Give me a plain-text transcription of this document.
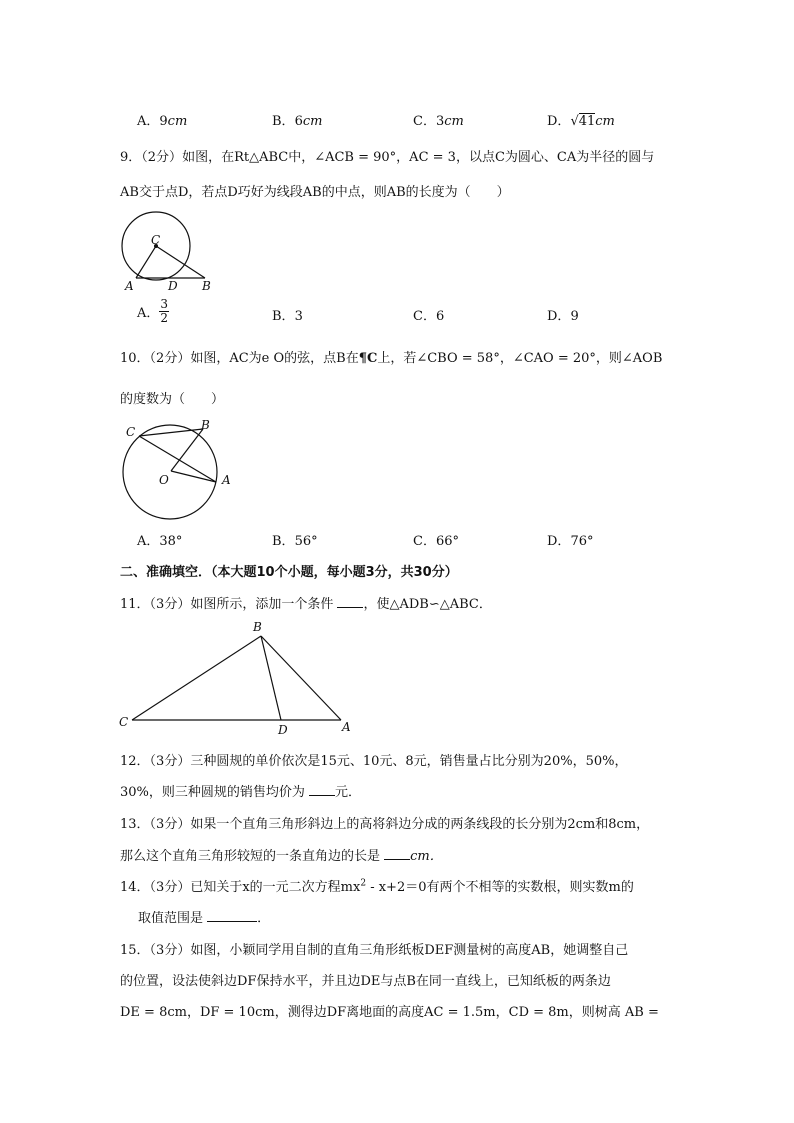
A．9cm	B．6cm	C．3cm	D．√41cm
9．（2分）如图，在Rt△ABC中，∠ACB = 90°，AC = 3，以点C为圆心、CA为半径的圆与
AB交于点D，若点D巧好为线段AB的中点，则AB的长度为（　　）
C
A	D B
A． $\frac{3}{2}$	B．3	C．6	D．9
10．（2分）如图，AC为e O的弦，点B在¶C上，若∠CBO = 58°，∠CAO = 20°，则∠AOB
的度数为（　　）
C	B
O	A
A．38°	B．56°	C．66°	D．76°
二、准确填空．（本大题10个小题，每小题3分，共30分）
11．（3分）如图所示，添加一个条件 ，使△ADB∽△ABC．
B
C
D	A
12．（3分）三种圆规的单价依次是15元、10元、8元，销售量占比分别为20%，50%，
30%，则三种圆规的销售均价为 元．
13．（3分）如果一个直角三角形斜边上的高将斜边分成的两条线段的长分别为2cm和8cm，
那么这个直角三角形较短的一条直角边的长是 cm．
14．（3分）已知关于x的一元二次方程$mx^2 - x+2=0$有两个不相等的实数根，则实数m的
取值范围是	．
15．（3分）如图，小颖同学用自制的直角三角形纸板DEF测量树的高度AB，她调整自己
的位置，设法使斜边DF保持水平，并且边DE与点B在同一直线上，已知纸板的两条边
DE = 8cm，DF = 10cm，测得边DF离地面的高度AC = 1.5m，CD = 8m，则树高 AB =
